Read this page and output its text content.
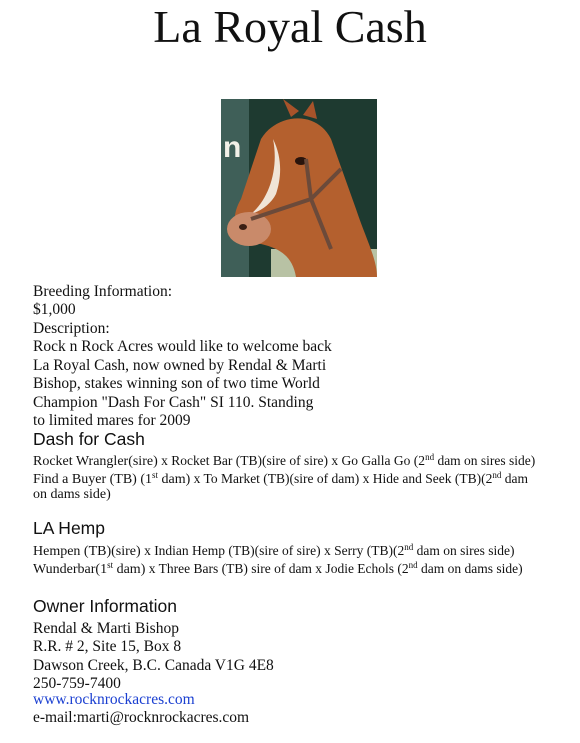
La Royal Cash
n
Breeding Information:
$1,000
Description:
Rock n Rock Acres would like to welcome back
La Royal Cash, now owned by Rendal & Marti
Bishop, stakes winning son of two time World
Champion "Dash For Cash" SI 110. Standing
to limited mares for 2009
Dash for Cash
Rocket Wrangler(sire) x Rocket Bar (TB)(sire of sire) x Go Galla Go (2nd dam on sires side)
Find a Buyer (TB) (1st dam) x To Market (TB)(sire of dam) x Hide and Seek (TB)(2nd dam
on dams side)
LA Hemp
Hempen (TB)(sire) x Indian Hemp (TB)(sire of sire) x Serry (TB)(2nd dam on sires side)
Wunderbar(1st dam) x Three Bars (TB) sire of dam x Jodie Echols (2nd dam on dams side)
Owner Information
Rendal & Marti Bishop
R.R. # 2, Site 15, Box 8
Dawson Creek, B.C. Canada V1G 4E8
250-759-7400
www.rocknrockacres.com
e-mail:marti@rocknrockacres.com
